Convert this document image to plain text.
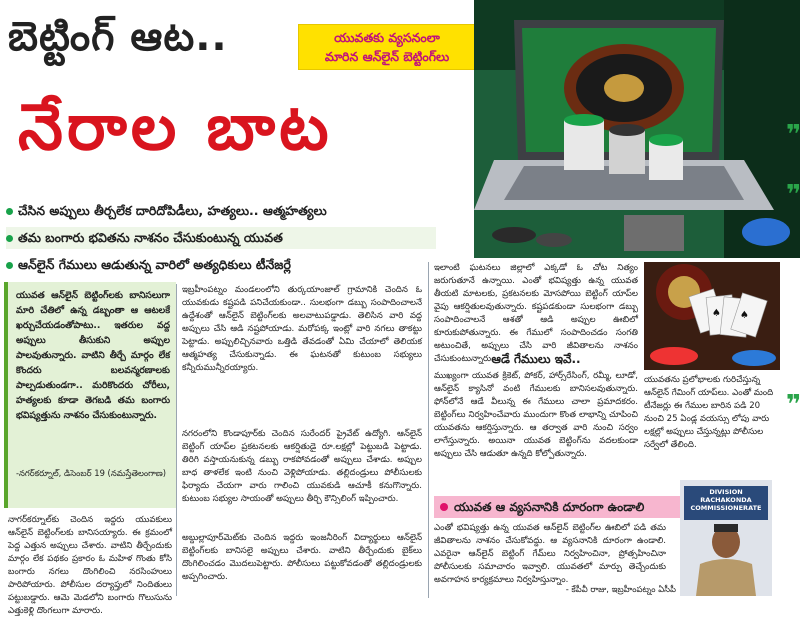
బెట్టింగ్ ఆట..
నేరాల బాట
యువతకు వ్యసనంలా
మారిన ఆన్‌లైన్ బెట్టింగ్‌లు
చేసిన అప్పులు తీర్చలేక దారిదోపిడీలు, హత్యలు.. ఆత్మహత్యలు
తమ బంగారు భవితను నాశనం చేసుకుంటున్న యువత
ఆన్‌లైన్ గేములు ఆడుతున్న వారిలో అత్యధికులు టీనేజర్లే
యువత ఆన్‌లైన్ బెట్టింగ్‌లకు బానిసలుగా మారి చేతిలో ఉన్న డబ్బంతా ఆ ఆటలకే ఖర్చుచేయడంతోపాటు.. ఇతరుల వద్ద అప్పులు తీసుకుని అప్పుల పాలవుతున్నారు. వాటిని తీర్చే మార్గం లేక కొందరు బలవన్మరణాలకు పాల్పడుతుండగా.. మరికొందరు చోరీలు, హత్యలకు కూడా తెగబడి తమ బంగారు భవిష్యత్తును నాశనం చేసుకుంటున్నారు.
-నగర్‌కర్నూల్, డిసెంబర్ 19 (నమస్తేతెలంగాణ)

నాగర్‌కర్నూల్‌కు చెందిన ఇద్దరు యువకులు ఆన్‌లైన్ బెట్టింగ్‌లకు బానిసయ్యారు. ఈ క్రమంలో పెద్ద ఎత్తున అప్పులు చేశారు. వాటిని తీర్చేందుకు మార్గం లేక పథకం ప్రకారం ఓ మహిళ గొంతు కోసి బంగారు నగలు దొంగిలించి నరసింహులు పారిపోయారు. పోలీసుల దర్యాప్తులో నిందితులు పట్టుబడ్డారు. ఆమె మెడలోని బంగారు గొలుసును ఎత్తుకెళ్లి దొంగలుగా మారారు.

ఇబ్రహీంపట్నం మండలంలోని తుర్కయాంజాల్ గ్రామానికి చెందిన ఓ యువకుడు కష్టపడి పనిచేయకుండా.. సులభంగా డబ్బు సంపాదించాలనే ఉద్దేశంతో ఆన్‌లైన్ బెట్టింగ్‌లకు అలవాటుపడ్డాడు. తెలిసిన వారి వద్ద అప్పులు చేసి ఆడి నష్టపోయాడు. మరోపక్క ఇంట్లో వారి నగలు తాకట్టు పెట్టాడు. అప్పులిచ్చినవారు ఒత్తిడి తేవడంతో ఏమి చేయాలో తెలియక ఆత్మహత్య చేసుకున్నాడు. ఈ ఘటనతో కుటుంబ సభ్యులు కన్నీరుమున్నీరయ్యారు.

నగరంలోని కొండాపూర్‌కు చెందిన సురేందర్ ప్రైవేట్ ఉద్యోగి. ఆన్‌లైన్ బెట్టింగ్ యాప్‌ల ప్రకటనలకు ఆకర్షితుడై రూ.లక్షల్లో పెట్టుబడి పెట్టాడు. తిరిగి వస్తాయనుకున్న డబ్బు రాకపోవడంతో అప్పులు చేశాడు. అప్పుల బాధ తాళలేక ఇంటి నుంచి వెళ్లిపోయాడు. తల్లిదండ్రులు పోలీసులకు ఫిర్యాదు చేయగా వారు గాలించి యువకుడి ఆచూకీ కనుగొన్నారు. కుటుంబ సభ్యుల సాయంతో అప్పులు తీర్చి కౌన్సిలింగ్ ఇప్పించారు.

అబ్దుల్లాపూర్‌మెట్‌కు చెందిన ఇద్దరు ఇంజనీరింగ్ విద్యార్థులు ఆన్‌లైన్ బెట్టింగ్‌లకు బానిసలై అప్పులు చేశారు. వాటిని తీర్చేందుకు బైక్‌లు దొంగిలించడం మొదలుపెట్టారు. పోలీసులు పట్టుకోవడంతో తల్లిదండ్రులకు అప్పగించారు.

ఇలాంటి ఘటనలు జిల్లాలో ఎక్కడో ఓ చోట నిత్యం జరుగుతూనే ఉన్నాయి. ఎంతో భవిష్యత్తు ఉన్న యువత తీయటి మాటలకు, ప్రకటనలకు మోసపోయి బెట్టింగ్ యాప్‌ల వైపు ఆకర్షితులవుతున్నారు. కష్టపడకుండా సులభంగా డబ్బు సంపాదించాలనే ఆశతో ఆడి అప్పుల ఊబిలో కూరుకుపోతున్నారు. ఈ గేములో సంపాదించడం సంగతి అటుంచితే, అప్పులు చేసి వారి జీవితాలను నాశనం చేసుకుంటున్నారు.

ఆడే గేములు ఇవే..

ముఖ్యంగా యువత క్రికెట్, పోకర్, హార్స్‌రేసింగ్, రమ్మీ, లూడో, ఆన్‌లైన్ క్యాసినో వంటి గేములకు బానిసలవుతున్నారు. ఫోన్‌లోనే ఆడే వీలున్న ఈ గేములు చాలా ప్రమాదకరం. బెట్టింగ్‌లు నిర్వహించేవారు ముందుగా కొంత లాభాన్ని చూపించి యువతను ఆకర్షిస్తున్నారు. ఆ తర్వాత వారి నుంచి సర్వం లాగేస్తున్నారు. అయినా యువత బెట్టింగ్‌ను వదలకుండా అప్పులు చేసి ఆడుతూ ఉన్నది కోల్పోతున్నారు.

♠ ♠
యువతను ప్రలోభాలకు గురిచేస్తున్న ఆన్‌లైన్ గేమింగ్ యాప్‌లు. ఎంతో మంది టీనేజర్లు ఈ గేముల బారిన పడి 20 నుంచి 25 ఏండ్ల వయస్సు లోపు వారు లక్షల్లో అప్పులు చేస్తున్నట్లు పోలీసుల సర్వేలో తేలింది.
యువత ఆ వ్యసనానికి దూరంగా ఉండాలి

ఎంతో భవిష్యత్తు ఉన్న యువత ఆన్‌లైన్ బెట్టింగ్‌ల ఊబిలో పడి తమ జీవితాలను నాశనం చేసుకోవద్దు. ఆ వ్యసనానికి దూరంగా ఉండాలి. ఎవరైనా ఆన్‌లైన్ బెట్టింగ్ గేమ్‌లు నిర్వహించినా, ప్రోత్సహించినా పోలీసులకు సమాచారం ఇవ్వాలి. యువతలో మార్పు తెచ్చేందుకు అవగాహన కార్యక్రమాలు నిర్వహిస్తున్నాం.

- కేపీవీ రాజు, ఇబ్రహీంపట్నం ఏసీపీ
DIVISION
RACHAKONDA
COMMISSIONERATE
❞
❞
❞
